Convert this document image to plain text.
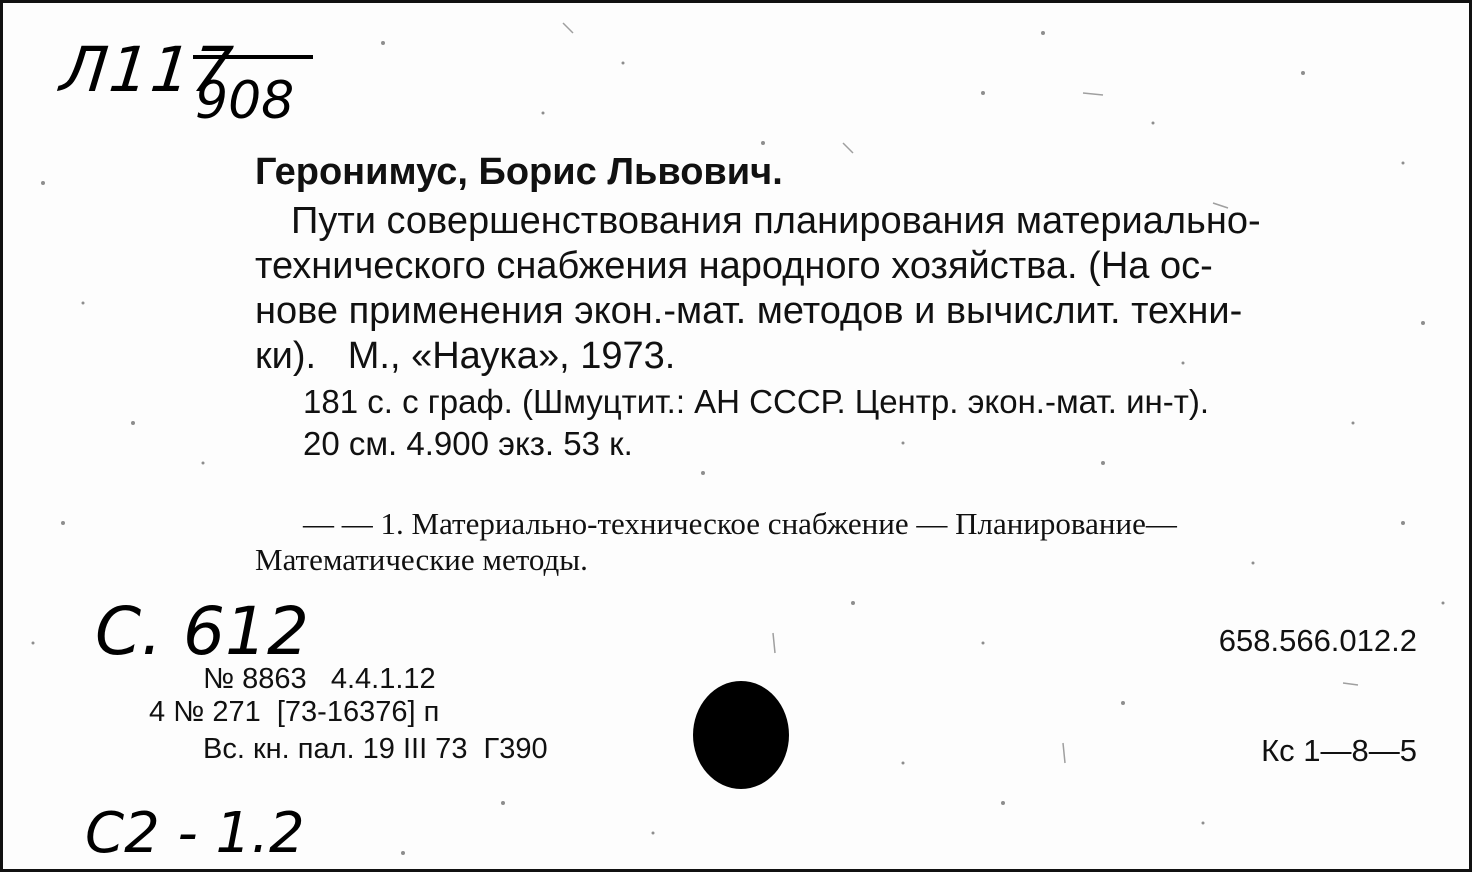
Л117
908
Геронимус, Борис Львович.
Пути совершенствования планирования материально-
технического снабжения народного хозяйства. (На ос-
нове применения экон.-мат. методов и вычислит. техни-
ки).   М., «Наука», 1973.
181 с. с граф. (Шмуцтит.: АН СССР. Центр. экон.-мат. ин-т).
20 см. 4.900 экз. 53 к.
— — 1. Материально-техническое снабжение — Планирование—
Математические методы.
С. 612	658.566.012.2
№ 8863   4.4.1.12
4 № 271  [73-16376] п
Вс. кн. пал. 19 III 73  Г390	Кс 1—8—5
С2 - 1.2
